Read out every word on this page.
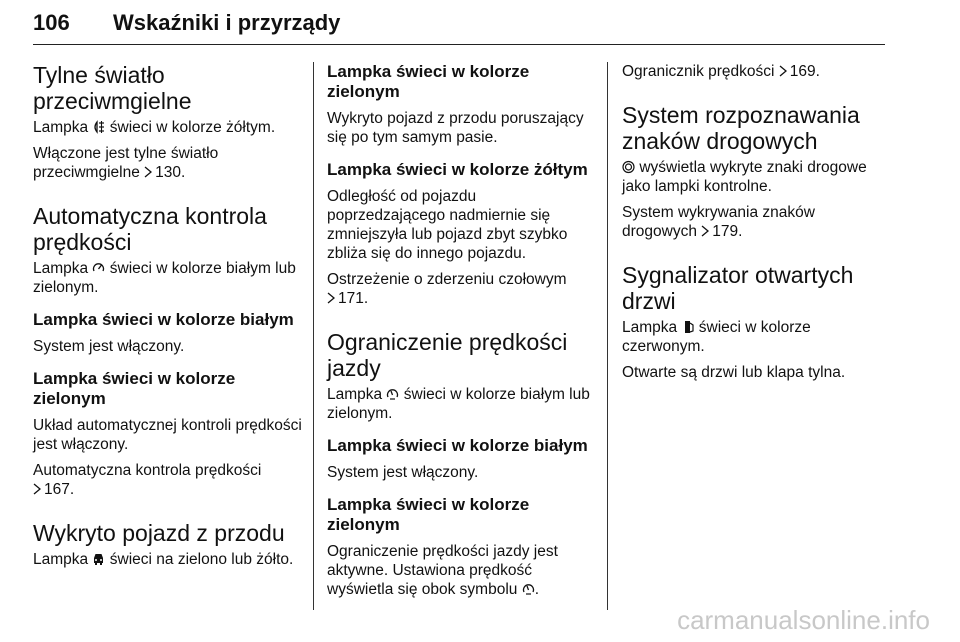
106 Wskaźniki i przyrządy
Tylne światło przeciwmgielne

Lampka świeci w kolorze żółtym.

Włączone jest tylne światło przeciwmgielne 130.

Automatyczna kontrola prędkości

Lampka świeci w kolorze białym lub zielonym.

Lampka świeci w kolorze białym

System jest włączony.

Lampka świeci w kolorze zielonym

Układ automatycznej kontroli prędkości jest włączony.

Automatyczna kontrola prędkości
167.

Wykryto pojazd z przodu

Lampka świeci na zielono lub żółto.

Lampka świeci w kolorze zielonym

Wykryto pojazd z przodu poruszający się po tym samym pasie.

Lampka świeci w kolorze żółtym

Odległość od pojazdu poprzedzającego nadmiernie się zmniejszyła lub pojazd zbyt szybko zbliża się do innego pojazdu.

Ostrzeżenie o zderzeniu czołowym
171.

Ograniczenie prędkości jazdy

Lampka świeci w kolorze białym lub zielonym.

Lampka świeci w kolorze białym

System jest włączony.

Lampka świeci w kolorze zielonym

Ograniczenie prędkości jazdy jest aktywne. Ustawiona prędkość wyświetla się obok symbolu .

Ogranicznik prędkości 169.

System rozpoznawania znaków drogowych

wyświetla wykryte znaki drogowe jako lampki kontrolne.

System wykrywania znaków drogowych 179.

Sygnalizator otwartych drzwi

Lampka świeci w kolorze czerwonym.

Otwarte są drzwi lub klapa tylna.

carmanualsonline.info
